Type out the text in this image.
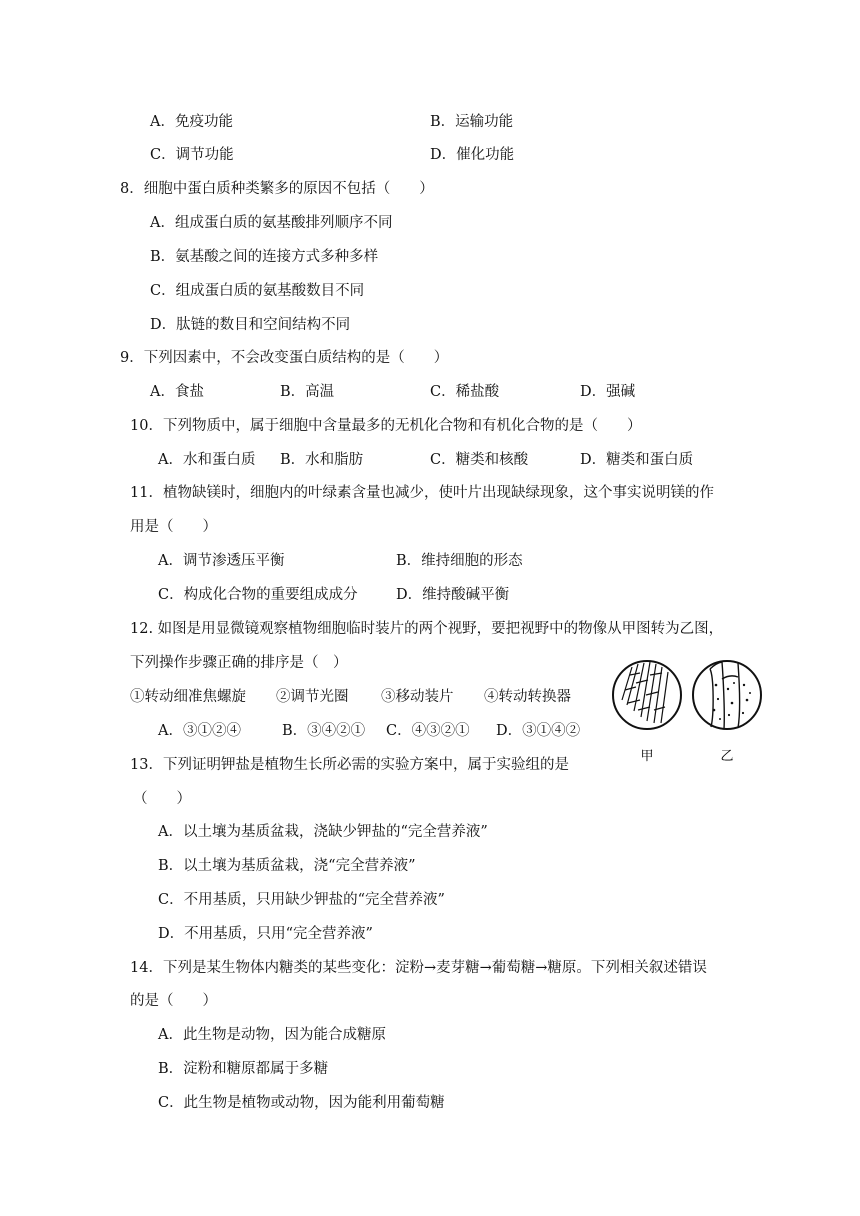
A．免疫功能	B．运输功能
C．调节功能	D．催化功能
8．细胞中蛋白质种类繁多的原因不包括（　　）
A．组成蛋白质的氨基酸排列顺序不同
B．氨基酸之间的连接方式多种多样
C．组成蛋白质的氨基酸数目不同
D．肽链的数目和空间结构不同
9．下列因素中，不会改变蛋白质结构的是（　　）
A．食盐	B．高温	C．稀盐酸	D．强碱
10．下列物质中，属于细胞中含量最多的无机化合物和有机化合物的是（　　）
A．水和蛋白质 B．水和脂肪	C．糖类和核酸	D．糖类和蛋白质
11．植物缺镁时，细胞内的叶绿素含量也减少，使叶片出现缺绿现象，这个事实说明镁的作
用是（　　）
A．调节渗透压平衡	B．维持细胞的形态
C．构成化合物的重要组成成分	D．维持酸碱平衡
12. 如图是用显微镜观察植物细胞临时装片的两个视野，要把视野中的物像从甲图转为乙图，
下列操作步骤正确的排序是（　）
①转动细准焦螺旋 ②调节光圈 ③移动装片 ④转动转换器
A．③①②④	B．③④②① C．④③②① D．③①④②
甲	乙
13．下列证明钾盐是植物生长所必需的实验方案中，属于实验组的是
（　　）
A．以土壤为基质盆栽，浇缺少钾盐的“完全营养液”
B．以土壤为基质盆栽，浇“完全营养液”
C．不用基质，只用缺少钾盐的“完全营养液”
D．不用基质，只用“完全营养液”
14．下列是某生物体内糖类的某些变化：淀粉→麦芽糖→葡萄糖→糖原。下列相关叙述错误
的是（　　）
A．此生物是动物，因为能合成糖原
B．淀粉和糖原都属于多糖
C．此生物是植物或动物，因为能利用葡萄糖
